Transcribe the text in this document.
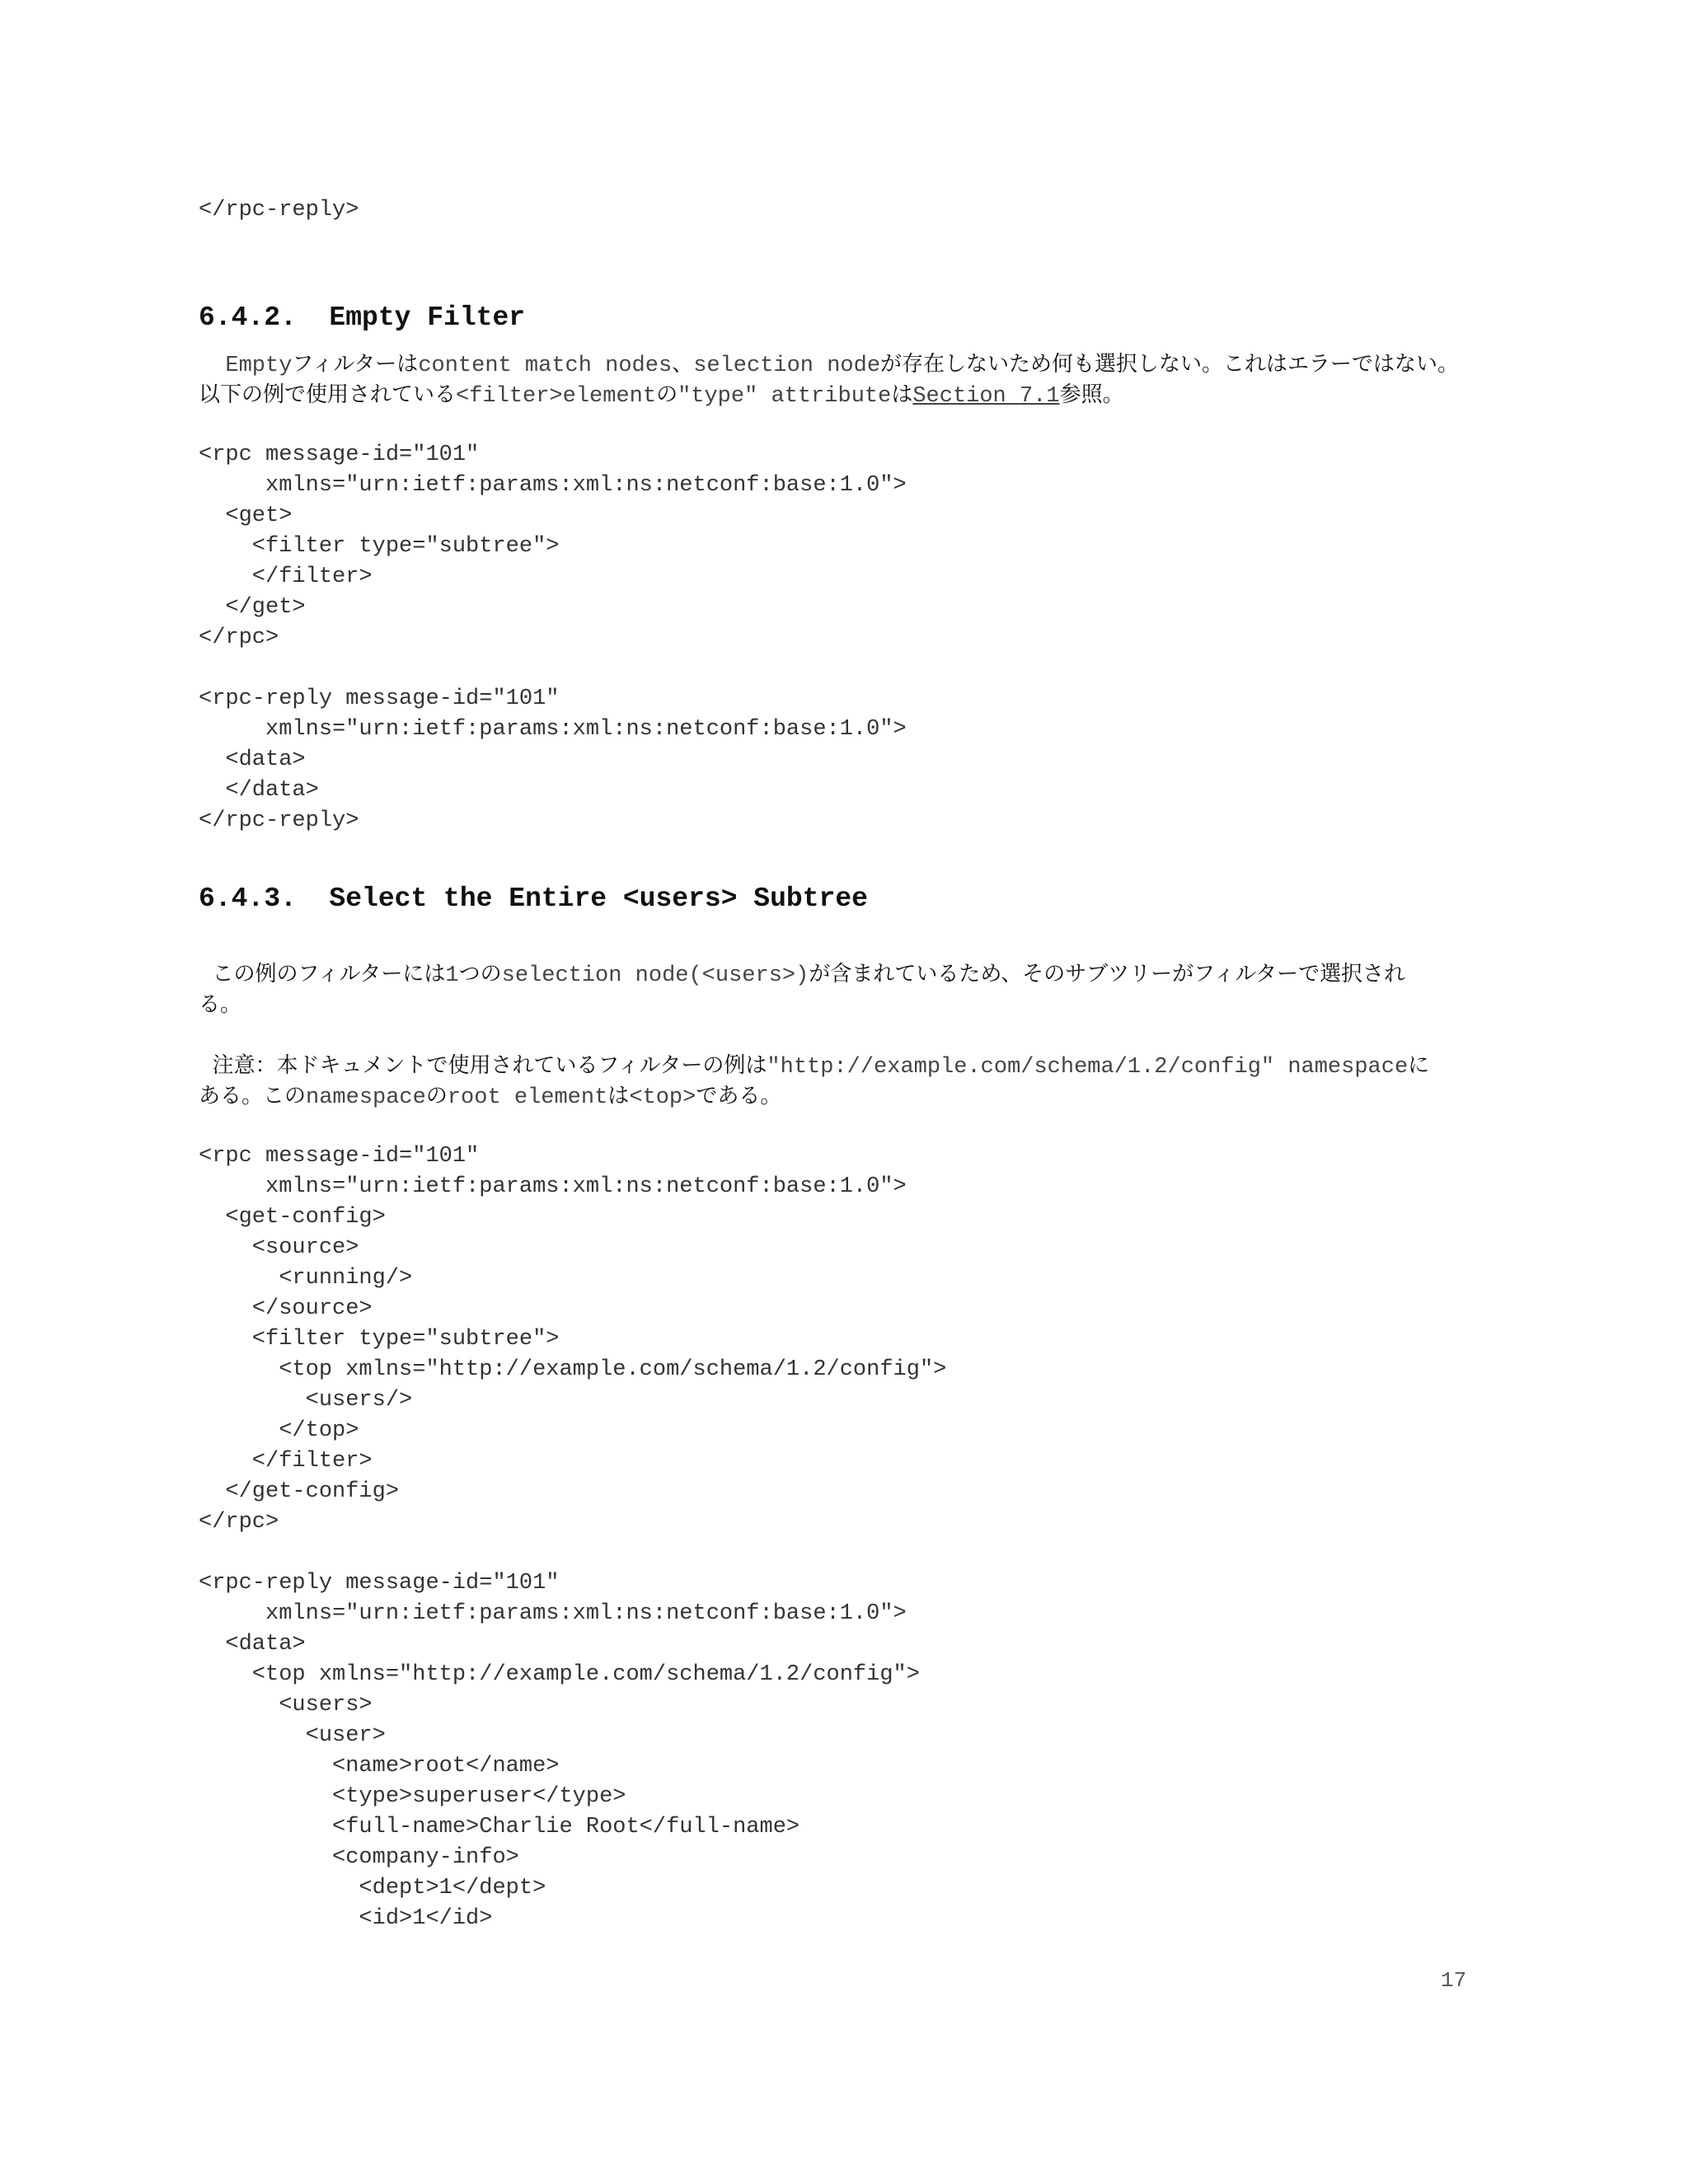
</rpc-reply>
6.4.2.  Empty Filter
Emptyフィルターはcontent match nodes、selection nodeが存在しないため何も選択しない。これはエラーではない。
以下の例で使用されている<filter>elementの"type" attributeはSection 7.1参照。
<rpc message-id="101"
xmlns="urn:ietf:params:xml:ns:netconf:base:1.0">
<get>
<filter type="subtree">
</filter>
</get>
</rpc>
<rpc-reply message-id="101"
xmlns="urn:ietf:params:xml:ns:netconf:base:1.0">
<data>
</data>
</rpc-reply>
6.4.3.  Select the Entire <users> Subtree
この例のフィルターには1つのselection node(<users>)が含まれているため、そのサブツリーがフィルターで選択され
る。
注意：本ドキュメントで使用されているフィルターの例は"http://example.com/schema/1.2/config" namespaceに
ある。このnamespaceのroot elementは<top>である。
<rpc message-id="101"
xmlns="urn:ietf:params:xml:ns:netconf:base:1.0">
<get-config>
<source>
<running/>
</source>
<filter type="subtree">
<top xmlns="http://example.com/schema/1.2/config">
<users/>
</top>
</filter>
</get-config>
</rpc>
<rpc-reply message-id="101"
xmlns="urn:ietf:params:xml:ns:netconf:base:1.0">
<data>
<top xmlns="http://example.com/schema/1.2/config">
<users>
<user>
<name>root</name>
<type>superuser</type>
<full-name>Charlie Root</full-name>
<company-info>
<dept>1</dept>
<id>1</id>
17
